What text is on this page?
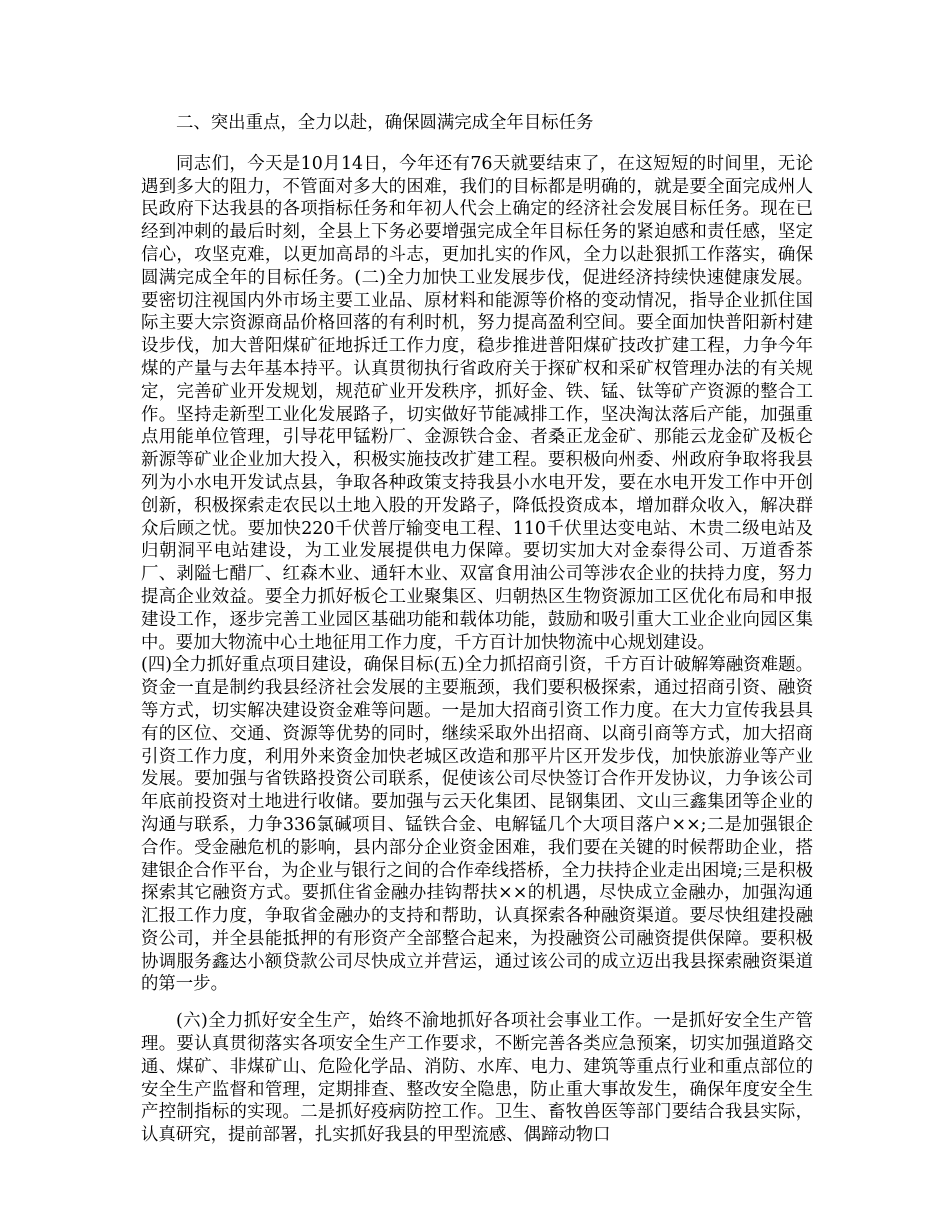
二、突出重点，全力以赴，确保圆满完成全年目标任务

同志们，今天是10月14日，今年还有76天就要结束了，在这短短的时间里，无论遇到多大的阻力，不管面对多大的困难，我们的目标都是明确的，就是要全面完成州人民政府下达我县的各项指标任务和年初人代会上确定的经济社会发展目标任务。现在已经到冲刺的最后时刻，全县上下务必要增强完成全年目标任务的紧迫感和责任感，坚定信心，攻坚克难，以更加高昂的斗志，更加扎实的作风，全力以赴狠抓工作落实，确保圆满完成全年的目标任务。(二)全力加快工业发展步伐，促进经济持续快速健康发展。要密切注视国内外市场主要工业品、原材料和能源等价格的变动情况，指导企业抓住国际主要大宗资源商品价格回落的有利时机，努力提高盈利空间。要全面加快普阳新村建设步伐，加大普阳煤矿征地拆迁工作力度，稳步推进普阳煤矿技改扩建工程，力争今年煤的产量与去年基本持平。认真贯彻执行省政府关于探矿权和采矿权管理办法的有关规定，完善矿业开发规划，规范矿业开发秩序，抓好金、铁、锰、钛等矿产资源的整合工作。坚持走新型工业化发展路子，切实做好节能减排工作，坚决淘汰落后产能，加强重点用能单位管理，引导花甲锰粉厂、金源铁合金、者桑正龙金矿、那能云龙金矿及板仑新源等矿业企业加大投入，积极实施技改扩建工程。要积极向州委、州政府争取将我县列为小水电开发试点县，争取各种政策支持我县小水电开发，要在水电开发工作中开创创新，积极探索走农民以土地入股的开发路子，降低投资成本，增加群众收入，解决群众后顾之忧。要加快220千伏普厅输变电工程、110千伏里达变电站、木贵二级电站及归朝洞平电站建设，为工业发展提供电力保障。要切实加大对金泰得公司、万道香茶厂、剥隘七醋厂、红森木业、通轩木业、双富食用油公司等涉农企业的扶持力度，努力提高企业效益。要全力抓好板仑工业聚集区、归朝热区生物资源加工区优化布局和申报建设工作，逐步完善工业园区基础功能和载体功能，鼓励和吸引重大工业企业向园区集中。要加大物流中心土地征用工作力度，千方百计加快物流中心规划建设。

(四)全力抓好重点项目建设，确保目标(五)全力抓招商引资，千方百计破解筹融资难题。资金一直是制约我县经济社会发展的主要瓶颈，我们要积极探索，通过招商引资、融资等方式，切实解决建设资金难等问题。一是加大招商引资工作力度。在大力宣传我县具有的区位、交通、资源等优势的同时，继续采取外出招商、以商引商等方式，加大招商引资工作力度，利用外来资金加快老城区改造和那平片区开发步伐，加快旅游业等产业发展。要加强与省铁路投资公司联系，促使该公司尽快签订合作开发协议，力争该公司年底前投资对土地进行收储。要加强与云天化集团、昆钢集团、文山三鑫集团等企业的沟通与联系，力争336氯碱项目、锰铁合金、电解锰几个大项目落户××;二是加强银企合作。受金融危机的影响，县内部分企业资金困难，我们要在关键的时候帮助企业，搭建银企合作平台，为企业与银行之间的合作牵线搭桥，全力扶持企业走出困境;三是积极探索其它融资方式。要抓住省金融办挂钩帮扶××的机遇，尽快成立金融办，加强沟通汇报工作力度，争取省金融办的支持和帮助，认真探索各种融资渠道。要尽快组建投融资公司，并全县能抵押的有形资产全部整合起来，为投融资公司融资提供保障。要积极协调服务鑫达小额贷款公司尽快成立并营运，通过该公司的成立迈出我县探索融资渠道的第一步。

(六)全力抓好安全生产，始终不渝地抓好各项社会事业工作。一是抓好安全生产管理。要认真贯彻落实各项安全生产工作要求，不断完善各类应急预案，切实加强道路交通、煤矿、非煤矿山、危险化学品、消防、水库、电力、建筑等重点行业和重点部位的安全生产监督和管理，定期排查、整改安全隐患，防止重大事故发生，确保年度安全生产控制指标的实现。二是抓好疫病防控工作。卫生、畜牧兽医等部门要结合我县实际，认真研究，提前部署，扎实抓好我县的甲型流感、偶蹄动物口
